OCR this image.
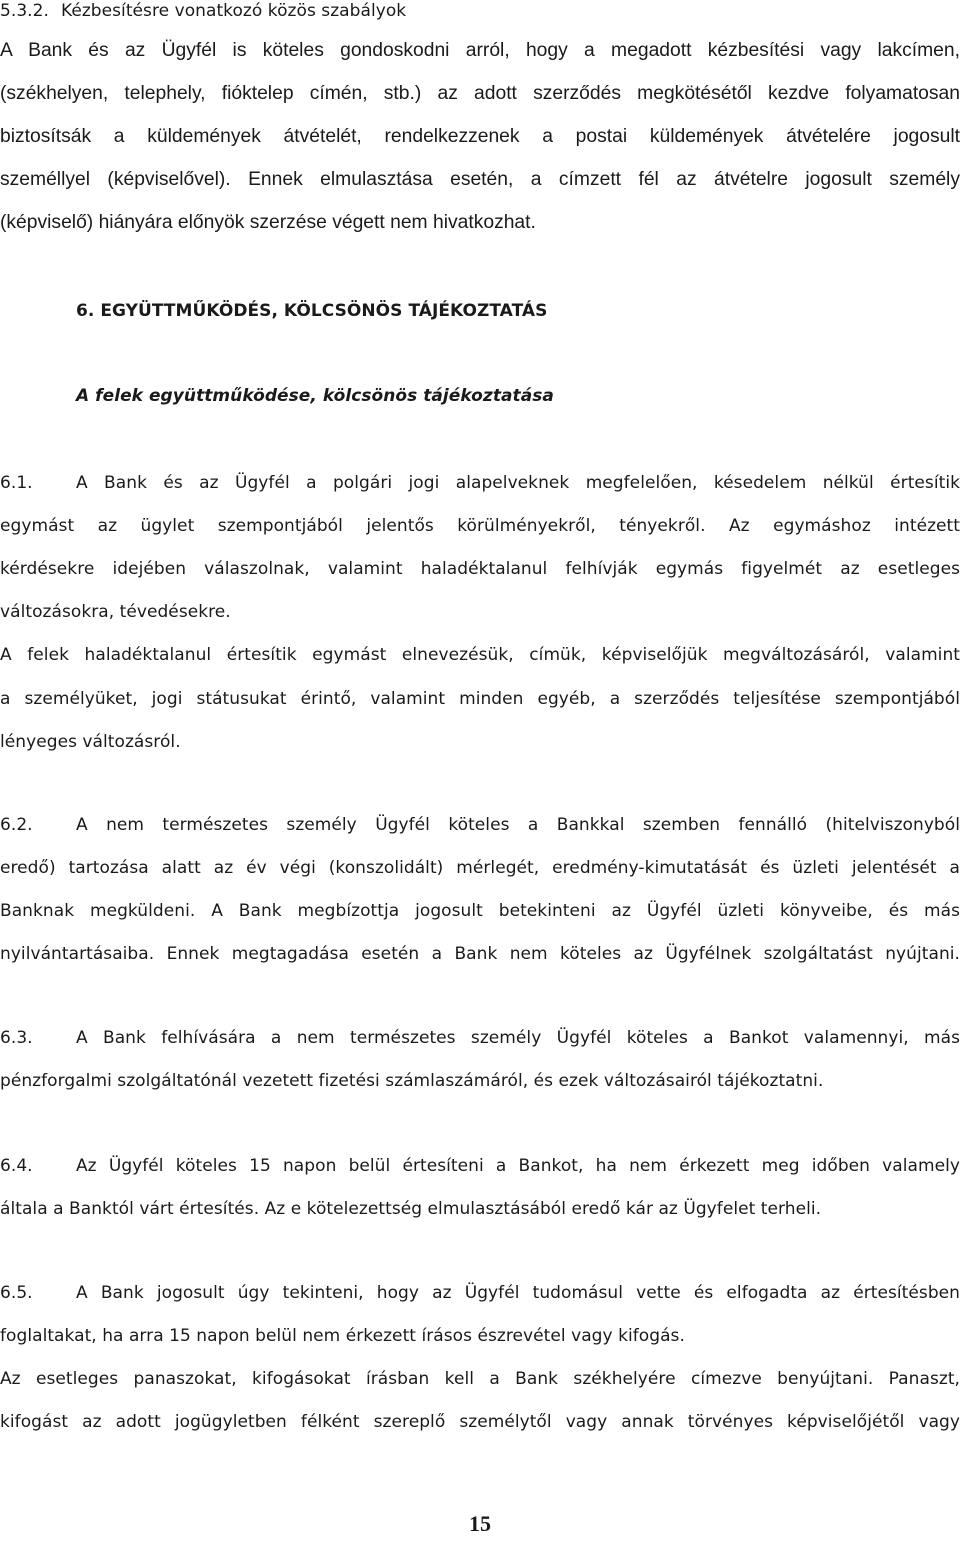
5.3.2. Kézbesítésre vonatkozó közös szabályok
A Bank és az Ügyfél is köteles gondoskodni arról, hogy a megadott kézbesítési vagy lakcímen,
(székhelyen, telephely, fióktelep címén, stb.) az adott szerződés megkötésétől kezdve folyamatosan
biztosítsák a küldemények átvételét, rendelkezzenek a postai küldemények átvételére jogosult
személlyel (képviselővel). Ennek elmulasztása esetén, a címzett fél az átvételre jogosult személy
(képviselő) hiányára előnyök szerzése végett nem hivatkozhat.
6. EGYÜTTMŰKÖDÉS, KÖLCSÖNÖS TÁJÉKOZTATÁS
A felek együttműködése, kölcsönös tájékoztatása
6.1.	A Bank és az Ügyfél a polgári jogi alapelveknek megfelelően, késedelem nélkül értesítik
egymást az ügylet szempontjából jelentős körülményekről, tényekről. Az egymáshoz intézett
kérdésekre idejében válaszolnak, valamint haladéktalanul felhívják egymás figyelmét az esetleges
változásokra, tévedésekre.
A felek haladéktalanul értesítik egymást elnevezésük, címük, képviselőjük megváltozásáról, valamint
a személyüket, jogi státusukat érintő, valamint minden egyéb, a szerződés teljesítése szempontjából
lényeges változásról.
6.2.	A nem természetes személy Ügyfél köteles a Bankkal szemben fennálló (hitelviszonyból
eredő) tartozása alatt az év végi (konszolidált) mérlegét, eredmény-kimutatását és üzleti jelentését a
Banknak megküldeni. A Bank megbízottja jogosult betekinteni az Ügyfél üzleti könyveibe, és más
nyilvántartásaiba. Ennek megtagadása esetén a Bank nem köteles az Ügyfélnek szolgáltatást nyújtani.
6.3.	A Bank felhívására a nem természetes személy Ügyfél köteles a Bankot valamennyi, más
pénzforgalmi szolgáltatónál vezetett fizetési számlaszámáról, és ezek változásairól tájékoztatni.
6.4.	Az Ügyfél köteles 15 napon belül értesíteni a Bankot, ha nem érkezett meg időben valamely
általa a Banktól várt értesítés. Az e kötelezettség elmulasztásából eredő kár az Ügyfelet terheli.
6.5.	A Bank jogosult úgy tekinteni, hogy az Ügyfél tudomásul vette és elfogadta az értesítésben
foglaltakat, ha arra 15 napon belül nem érkezett írásos észrevétel vagy kifogás.
Az esetleges panaszokat, kifogásokat írásban kell a Bank székhelyére címezve benyújtani. Panaszt,
kifogást az adott jogügyletben félként szereplő személytől vagy annak törvényes képviselőjétől vagy
15
